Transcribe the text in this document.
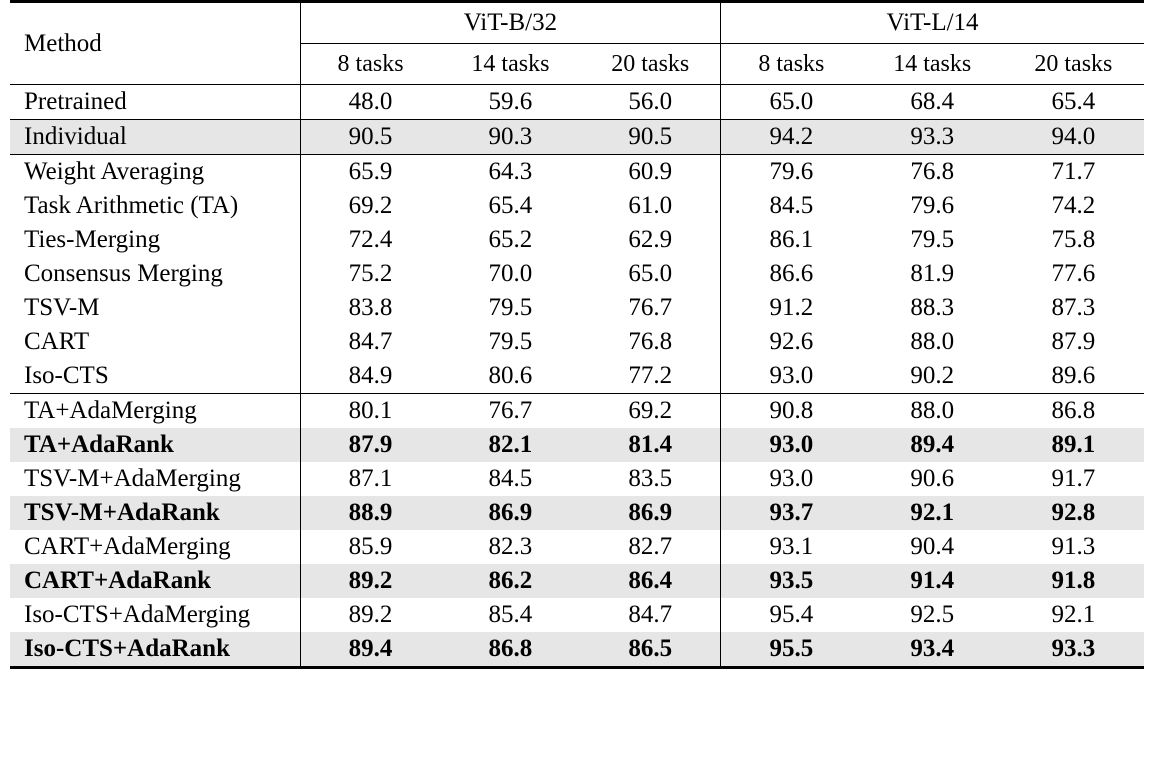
Method	ViT-B/32			ViT-L/14		
	8 tasks	14 tasks	20 tasks	8 tasks	14 tasks	20 tasks

Pretrained	48.0	59.6	56.0	65.0	68.4	65.4

Individual	90.5	90.3	90.5	94.2	93.3	94.0

Weight Averaging	65.9	64.3	60.9	79.6	76.8	71.7
Task Arithmetic (TA)	69.2	65.4	61.0	84.5	79.6	74.2
Ties-Merging	72.4	65.2	62.9	86.1	79.5	75.8
Consensus Merging	75.2	70.0	65.0	86.6	81.9	77.6
TSV-M	83.8	79.5	76.7	91.2	88.3	87.3
CART	84.7	79.5	76.8	92.6	88.0	87.9
Iso-CTS	84.9	80.6	77.2	93.0	90.2	89.6

TA+AdaMerging	80.1	76.7	69.2	90.8	88.0	86.8
TA+AdaRank	87.9	82.1	81.4	93.0	89.4	89.1
TSV-M+AdaMerging	87.1	84.5	83.5	93.0	90.6	91.7
TSV-M+AdaRank	88.9	86.9	86.9	93.7	92.1	92.8
CART+AdaMerging	85.9	82.3	82.7	93.1	90.4	91.3
CART+AdaRank	89.2	86.2	86.4	93.5	91.4	91.8
Iso-CTS+AdaMerging	89.2	85.4	84.7	95.4	92.5	92.1
Iso-CTS+AdaRank	89.4	86.8	86.5	95.5	93.4	93.3
